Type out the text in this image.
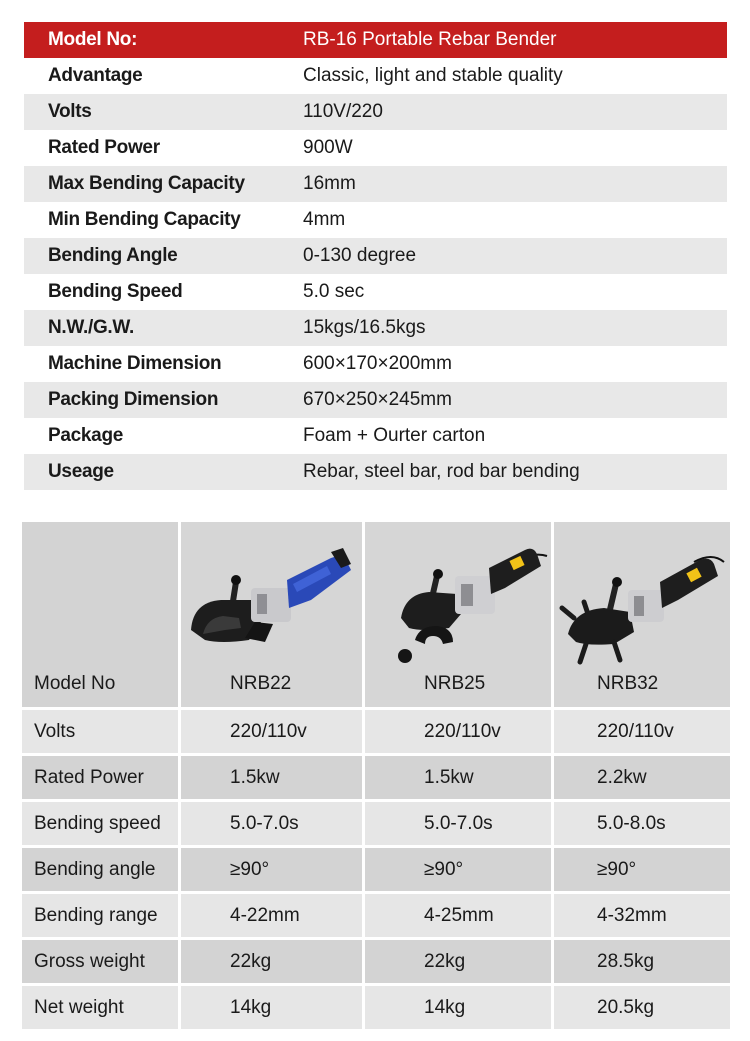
Model No:	RB-16 Portable Rebar Bender
Advantage	Classic, light and stable quality
Volts	110V/220
Rated Power	900W
Max Bending Capacity	16mm
Min Bending Capacity	4mm
Bending Angle	0-130 degree
Bending Speed	5.0 sec
N.W./G.W.	15kgs/16.5kgs
Machine Dimension	600×170×200mm
Packing Dimension	670×250×245mm
Package	Foam + Ourter carton
Useage	Rebar, steel bar, rod bar bending
Model No	NRB22	NRB25	NRB32
Volts	220/110v	220/110v	220/110v
Rated Power	1.5kw	1.5kw	2.2kw
Bending speed	5.0-7.0s	5.0-7.0s	5.0-8.0s
Bending angle	≥90°	≥90°	≥90°
Bending range	4-22mm	4-25mm	4-32mm
Gross weight	22kg	22kg	28.5kg
Net weight	14kg	14kg	20.5kg
